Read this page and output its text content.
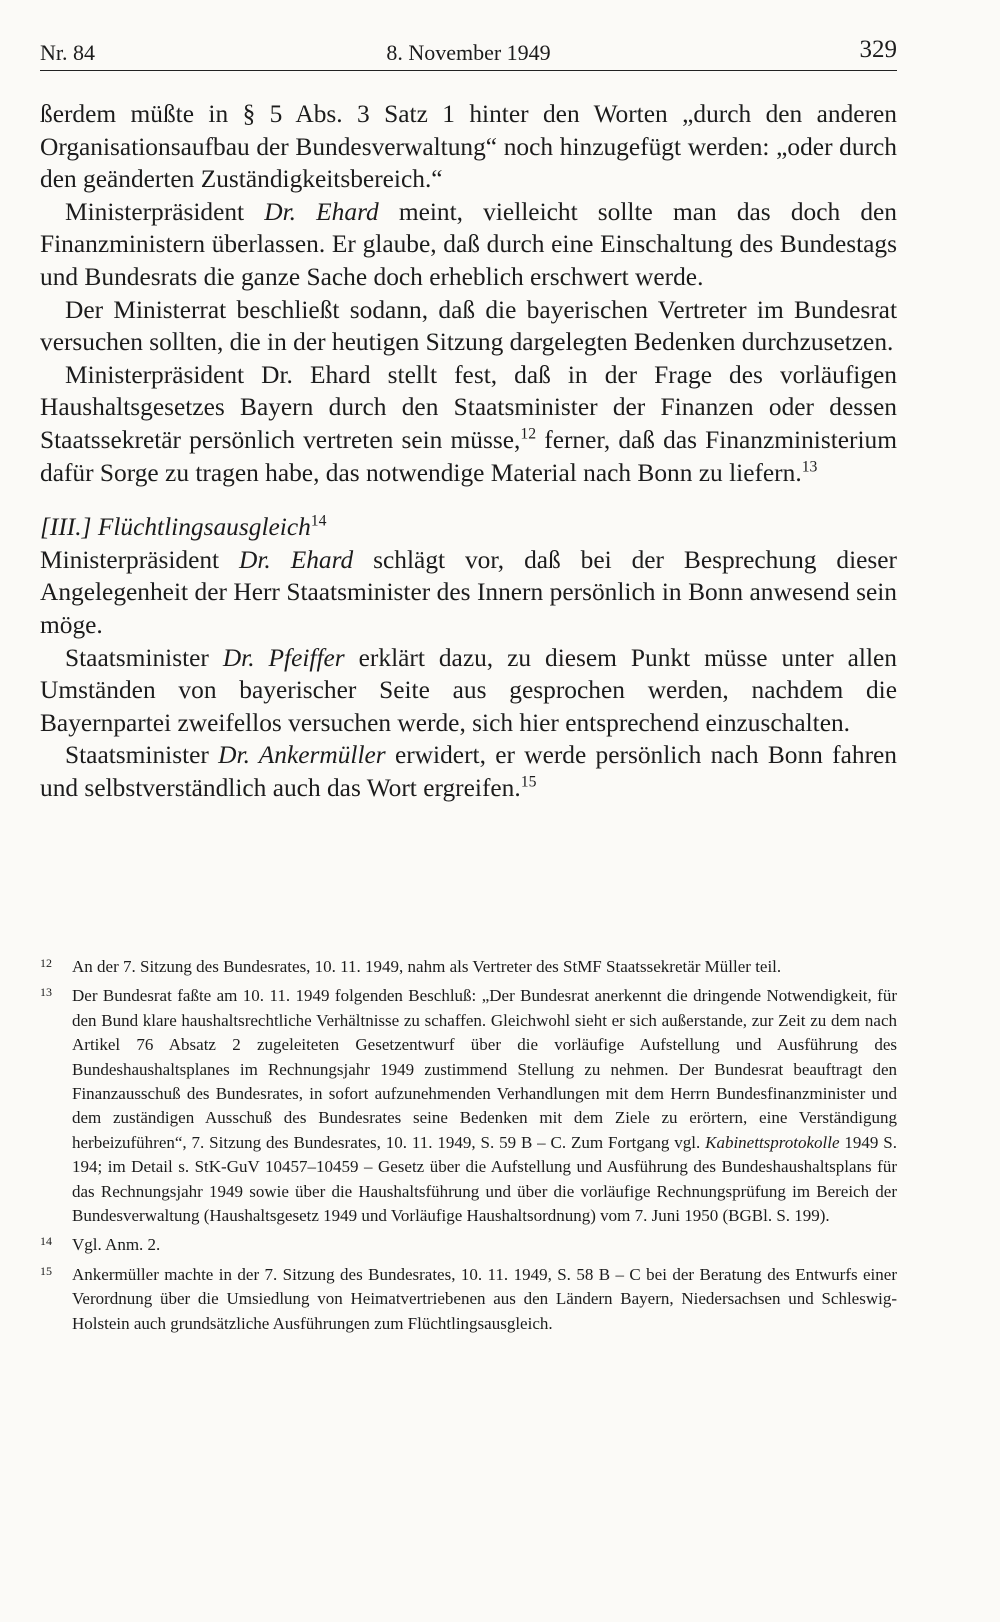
Nr. 84	8. November 1949	329

ßerdem müßte in § 5 Abs. 3 Satz 1 hinter den Worten „durch den anderen Organisationsaufbau der Bundesverwaltung“ noch hinzugefügt werden: „oder durch den geänderten Zuständigkeitsbereich.“

Ministerpräsident Dr. Ehard meint, vielleicht sollte man das doch den Finanzministern überlassen. Er glaube, daß durch eine Einschaltung des Bundestags und Bundesrats die ganze Sache doch erheblich erschwert werde.

Der Ministerrat beschließt sodann, daß die bayerischen Vertreter im Bundesrat versuchen sollten, die in der heutigen Sitzung dargelegten Bedenken durchzusetzen.

Ministerpräsident Dr. Ehard stellt fest, daß in der Frage des vorläufigen Haushaltsgesetzes Bayern durch den Staatsminister der Finanzen oder dessen Staatssekretär persönlich vertreten sein müsse,$^{12}$ ferner, daß das Finanzministerium dafür Sorge zu tragen habe, das notwendige Material nach Bonn zu liefern.$^{13}$

[III.] Flüchtlingsausgleich$^{14}$

Ministerpräsident Dr. Ehard schlägt vor, daß bei der Besprechung dieser Angelegenheit der Herr Staatsminister des Innern persönlich in Bonn anwesend sein möge.

Staatsminister Dr. Pfeiffer erklärt dazu, zu diesem Punkt müsse unter allen Umständen von bayerischer Seite aus gesprochen werden, nachdem die Bayernpartei zweifellos versuchen werde, sich hier entsprechend einzuschalten.

Staatsminister Dr. Ankermüller erwidert, er werde persönlich nach Bonn fahren und selbstverständlich auch das Wort ergreifen.$^{15}$

12 An der 7. Sitzung des Bundesrates, 10. 11. 1949, nahm als Vertreter des StMF Staatssekretär Müller teil.
13 Der Bundesrat faßte am 10. 11. 1949 folgenden Beschluß: „Der Bundesrat anerkennt die dringende Notwendigkeit, für den Bund klare haushaltsrechtliche Verhältnisse zu schaffen. Gleichwohl sieht er sich außerstande, zur Zeit zu dem nach Artikel 76 Absatz 2 zugeleiteten Gesetzentwurf über die vorläufige Aufstellung und Ausführung des Bundeshaushaltsplanes im Rechnungsjahr 1949 zustimmend Stellung zu nehmen. Der Bundesrat beauftragt den Finanzausschuß des Bundesrates, in sofort aufzunehmenden Verhandlungen mit dem Herrn Bundesfinanzminister und dem zuständigen Ausschuß des Bundesrates seine Bedenken mit dem Ziele zu erörtern, eine Verständigung herbeizuführen“, 7. Sitzung des Bundesrates, 10. 11. 1949, S. 59 B – C. Zum Fortgang vgl. Kabinettsprotokolle 1949 S. 194; im Detail s. StK-GuV 10457–10459 – Gesetz über die Aufstellung und Ausführung des Bundeshaushaltsplans für das Rechnungsjahr 1949 sowie über die Haushaltsführung und über die vorläufige Rechnungsprüfung im Bereich der Bundesverwaltung (Haushaltsgesetz 1949 und Vorläufige Haushaltsordnung) vom 7. Juni 1950 (BGBl. S. 199).
14 Vgl. Anm. 2.
15 Ankermüller machte in der 7. Sitzung des Bundesrates, 10. 11. 1949, S. 58 B – C bei der Beratung des Entwurfs einer Verordnung über die Umsiedlung von Heimatvertriebenen aus den Ländern Bayern, Niedersachsen und Schleswig-Holstein auch grundsätzliche Ausführungen zum Flüchtlingsausgleich.
